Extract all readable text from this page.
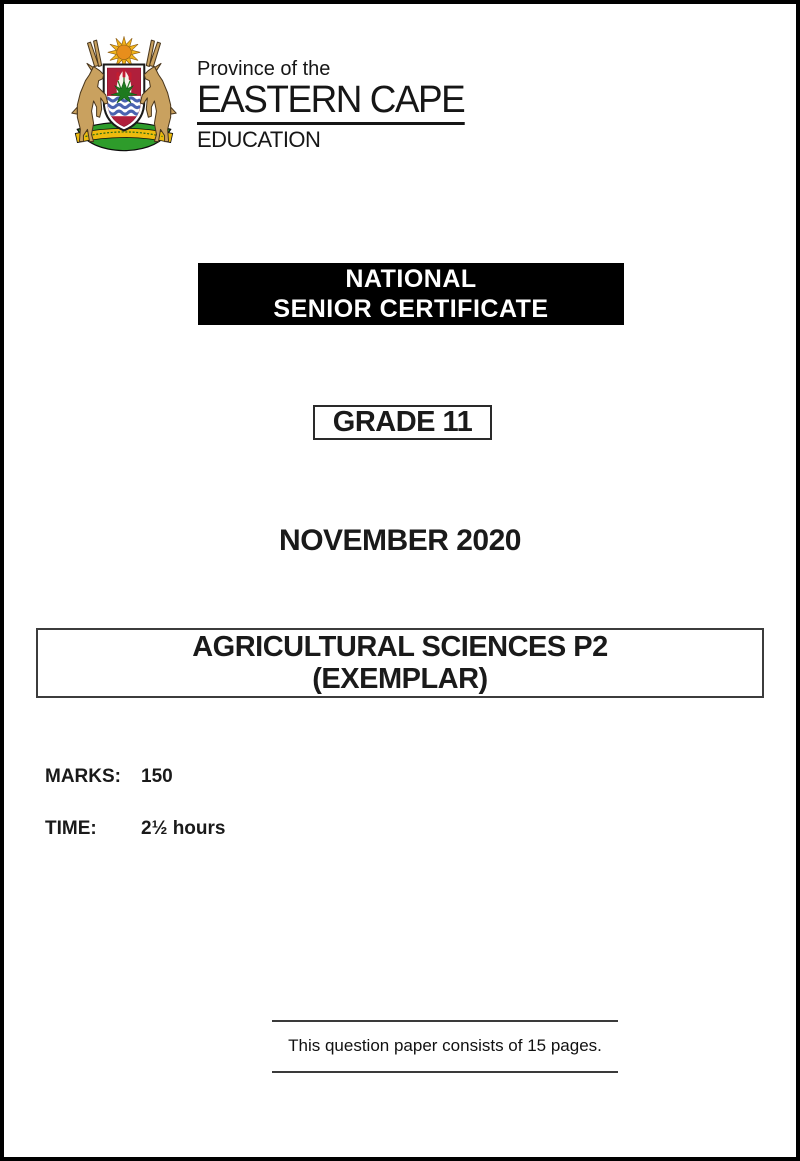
Province of the
EASTERN CAPE
EDUCATION
NATIONAL
SENIOR CERTIFICATE
GRADE 11
NOVEMBER 2020
AGRICULTURAL SCIENCES P2
(EXEMPLAR)
MARKS:	150
TIME:	2½ hours
This question paper consists of 15 pages.
